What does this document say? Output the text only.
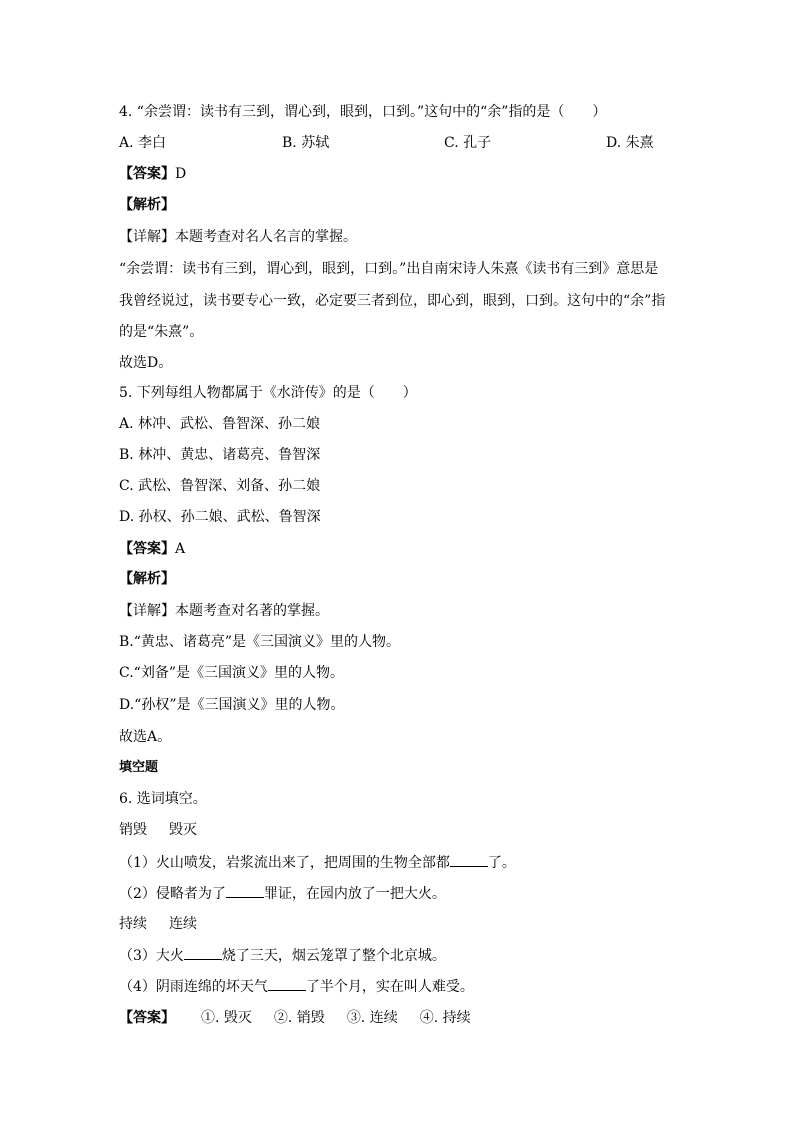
4. “余尝谓：读书有三到，谓心到，眼到，口到。”这句中的“余”指的是（　　）
A. 李白	B. 苏轼	C. 孔子	D. 朱熹
【答案】D
【解析】
【详解】本题考查对名人名言的掌握。
“余尝谓：读书有三到，谓心到，眼到，口到。”出自南宋诗人朱熹《读书有三到》意思是
我曾经说过，读书要专心一致，必定要三者到位，即心到，眼到，口到。这句中的“余”指
的是“朱熹”。
故选D。
5. 下列每组人物都属于《水浒传》的是（　　）
A. 林冲、武松、鲁智深、孙二娘
B. 林冲、黄忠、诸葛亮、鲁智深
C. 武松、鲁智深、刘备、孙二娘
D. 孙权、孙二娘、武松、鲁智深
【答案】A
【解析】
【详解】本题考查对名著的掌握。
B.“黄忠、诸葛亮”是《三国演义》里的人物。
C.“刘备”是《三国演义》里的人物。
D.“孙权”是《三国演义》里的人物。
故选A。
填空题
6. 选词填空。
销毁 毁灭
（1）火山喷发，岩浆流出来了，把周围的生物全部都	了。
（2）侵略者为了	罪证，在园内放了一把大火。
持续 连续
（3）大火	烧了三天，烟云笼罩了整个北京城。
（4）阴雨连绵的坏天气	了半个月，实在叫人难受。
【答案】 ①. 毁灭 ②. 销毁 ③. 连续 ④. 持续
